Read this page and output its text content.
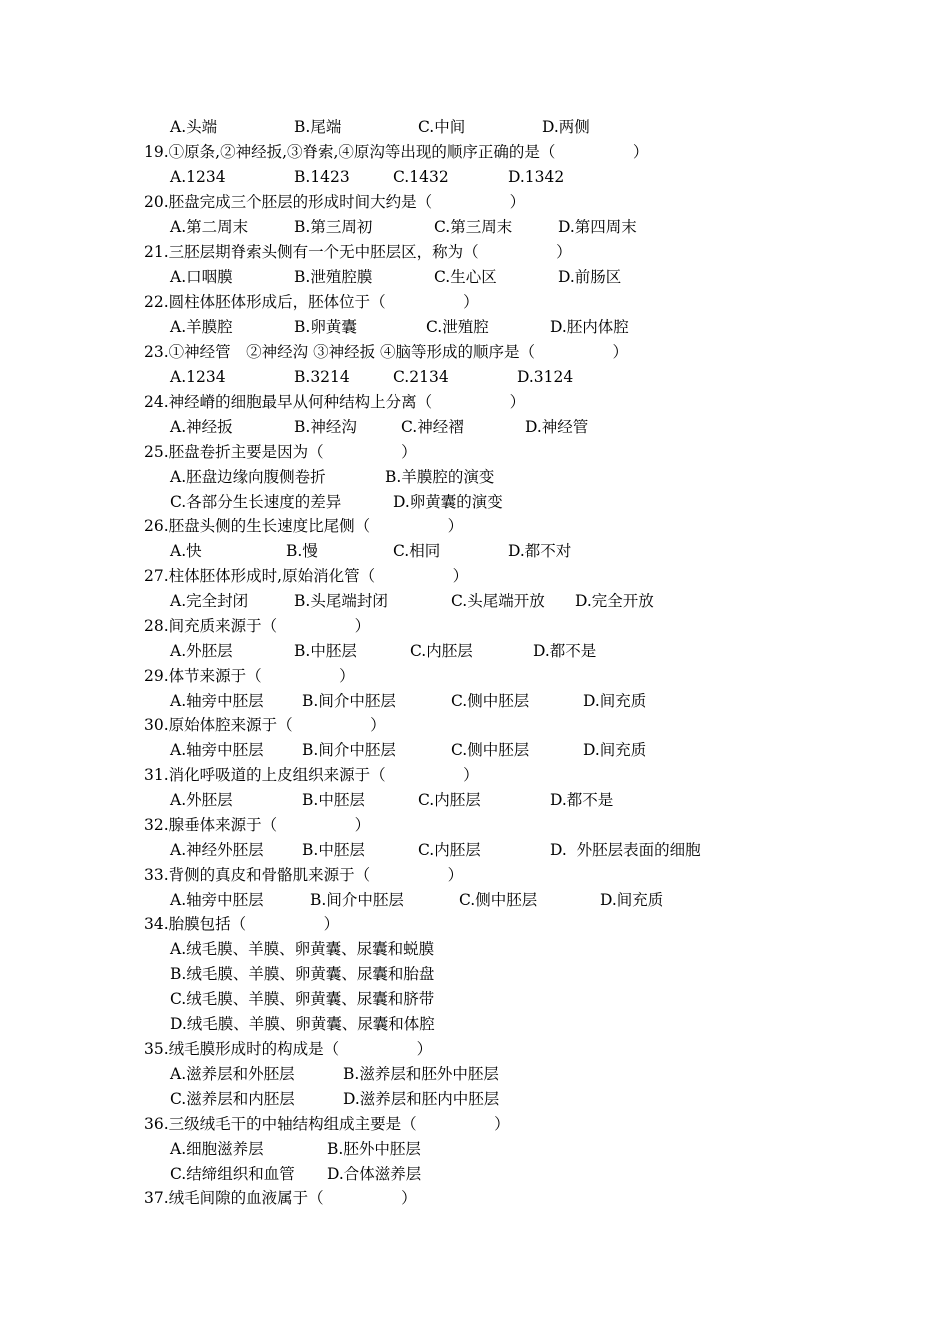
A.头端	B.尾端	C.中间	D.两侧
19.①原条,②神经扳,③脊索,④原沟等出现的顺序正确的是（　　　　　）
A.1234	B.1423	C.1432	D.1342
20.胚盘完成三个胚层的形成时间大约是（　　　　　）
A.第二周末	B.第三周初	C.第三周末	D.第四周末
21.三胚层期脊索头侧有一个无中胚层区，称为（　　　　　）
A.口咽膜	B.泄殖腔膜	C.生心区	D.前肠区
22.圆柱体胚体形成后，胚体位于（　　　　　）
A.羊膜腔	B.卵黄囊	C.泄殖腔	D.胚内体腔
23.①神经管　②神经沟 ③神经扳 ④脑等形成的顺序是（　　　　　）
A.1234	B.3214	C.2134	D.3124
24.神经嵴的细胞最早从何种结构上分离（　　　　　）
A.神经扳	B.神经沟	C.神经褶	D.神经管
25.胚盘卷折主要是因为（　　　　　）
A.胚盘边缘向腹侧卷折	B.羊膜腔的演变
C.各部分生长速度的差异	D.卵黄囊的演变
26.胚盘头侧的生长速度比尾侧（　　　　　）
A.快	B.慢	C.相同	D.都不对
27.柱体胚体形成时,原始消化管（　　　　　）
A.完全封闭	B.头尾端封闭	C.头尾端开放 D.完全开放
28.间充质来源于（　　　　　）
A.外胚层	B.中胚层	C.内胚层	D.都不是
29.体节来源于（　　　　　）
A.轴旁中胚层 B.间介中胚层	C.侧中胚层	D.间充质
30.原始体腔来源于（　　　　　）
A.轴旁中胚层 B.间介中胚层	C.侧中胚层	D.间充质
31.消化呼吸道的上皮组织来源于（　　　　　）
A.外胚层	B.中胚层	C.内胚层	D.都不是
32.腺垂体来源于（　　　　　）
A.神经外胚层 B.中胚层	C.内胚层	D.  外胚层表面的细胞
33.背侧的真皮和骨骼肌来源于（　　　　　）
A.轴旁中胚层	B.间介中胚层	C.侧中胚层	D.间充质
34.胎膜包括（　　　　　）
A.绒毛膜、羊膜、卵黄囊、尿囊和蜕膜
B.绒毛膜、羊膜、卵黄囊、尿囊和胎盘
C.绒毛膜、羊膜、卵黄囊、尿囊和脐带
D.绒毛膜、羊膜、卵黄囊、尿囊和体腔
35.绒毛膜形成时的构成是（　　　　　）
A.滋养层和外胚层	B.滋养层和胚外中胚层
C.滋养层和内胚层	D.滋养层和胚内中胚层
36.三级绒毛干的中轴结构组成主要是（　　　　　）
A.细胞滋养层	B.胚外中胚层
C.结缔组织和血管 D.合体滋养层
37.绒毛间隙的血液属于（　　　　　）
